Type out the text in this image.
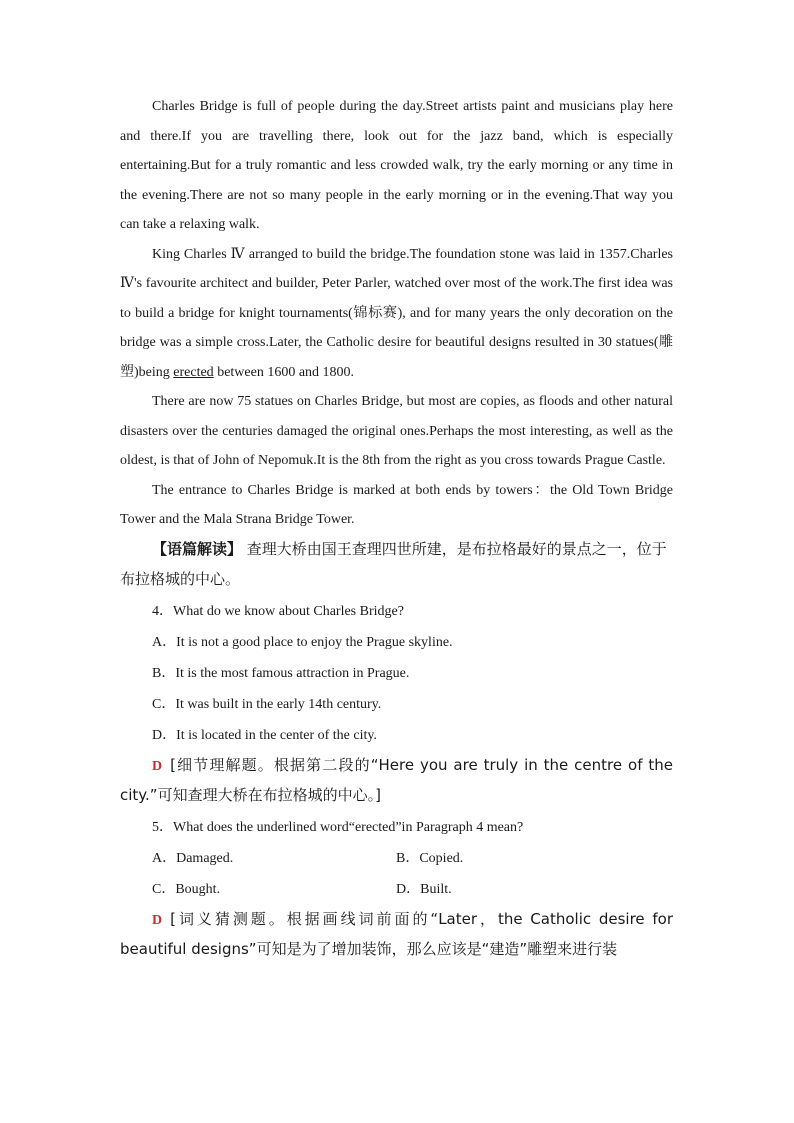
Charles Bridge is full of people during the day.Street artists paint and musicians play here and there.If you are travelling there, look out for the jazz band, which is especially entertaining.But for a truly romantic and less crowded walk, try the early morning or any time in the evening.There are not so many people in the early morning or in the evening.That way you can take a relaxing walk.

King Charles Ⅳ arranged to build the bridge.The foundation stone was laid in 1357.Charles Ⅳ's favourite architect and builder, Peter Parler, watched over most of the work.The first idea was to build a bridge for knight tournaments(锦标赛), and for many years the only decoration on the bridge was a simple cross.Later, the Catholic desire for beautiful designs resulted in 30 statues(雕塑)being erected between 1600 and 1800.

There are now 75 statues on Charles Bridge, but most are copies, as floods and other natural disasters over the centuries damaged the original ones.Perhaps the most interesting, as well as the oldest, is that of John of Nepomuk.It is the 8th from the right as you cross towards Prague Castle.

The entrance to Charles Bridge is marked at both ends by towers：the Old Town Bridge Tower and the Mala Strana Bridge Tower.

【语篇解读】 查理大桥由国王查理四世所建，是布拉格最好的景点之一，位于布拉格城的中心。

4．What do we know about Charles Bridge?

A．It is not a good place to enjoy the Prague skyline.

B．It is the most famous attraction in Prague.

C．It was built in the early 14th century.

D．It is located in the center of the city.

D [细节理解题。根据第二段的“Here you are truly in the centre of the city.”可知查理大桥在布拉格城的中心。]

5．What does the underlined word“erected”in Paragraph 4 mean?

A．Damaged.	B．Copied.
C．Bought.	D．Built.

D [词义猜测题。根据画线词前面的“Later，the Catholic desire for beautiful designs”可知是为了增加装饰，那么应该是“建造”雕塑来进行装
